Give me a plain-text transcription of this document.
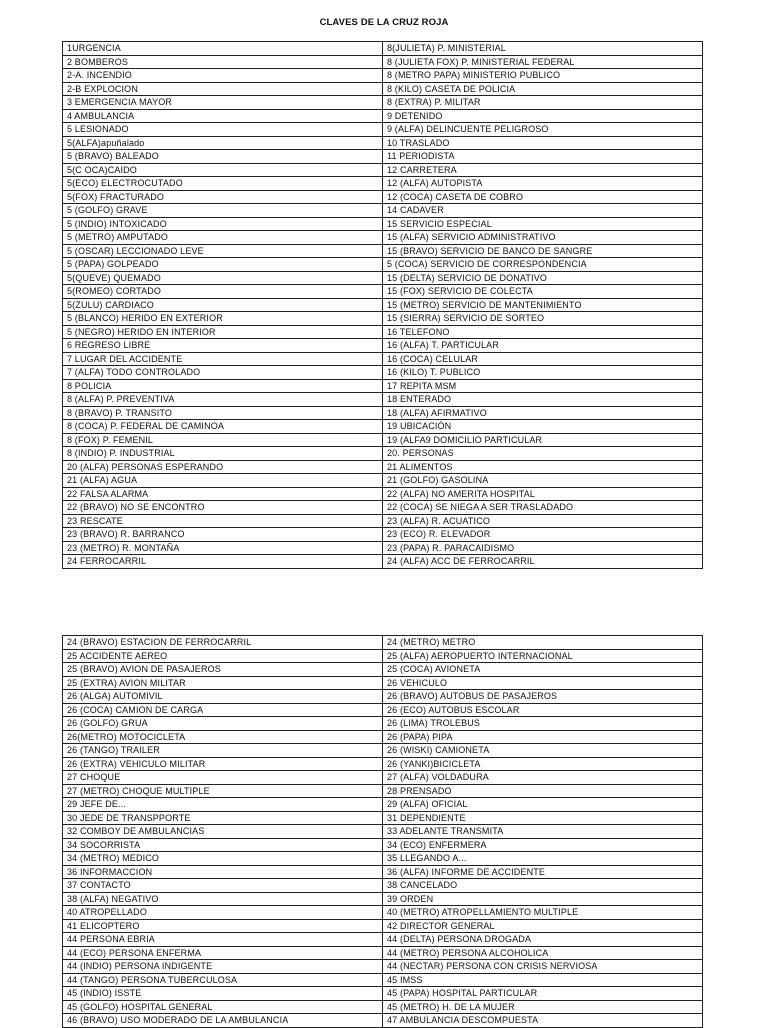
CLAVES DE LA CRUZ ROJA
1URGENCIA	8(JULIETA) P. MINISTERIAL
2 BOMBEROS	8 (JULIETA FOX) P. MINISTERIAL FEDERAL
2-A. INCENDIO	8 (METRO PAPA) MINISTERIO PUBLICO
2-B EXPLOCION	8 (KILO) CASETA DE POLICIA
3 EMERGENCIA MAYOR	8 (EXTRA) P. MILITAR
4 AMBULANCIA	9 DETENIDO
5 LESIONADO	9 (ALFA) DELINCUENTE PELIGROSO
5(ALFA)apuñalado	10 TRASLADO
5 (BRAVO) BALEADO	11 PERIODISTA
5(C OCA)CAIDO	12 CARRETERA
5(ECO) ELECTROCUTADO	12 (ALFA) AUTOPISTA
5(FOX) FRACTURADO	12 (COCA) CASETA DE COBRO
5 (GOLFO) GRAVE	14 CADAVER
5 (INDIO) INTOXICADO	15 SERVICIO ESPECIAL
5 (METRO) AMPUTADO	15 (ALFA) SERVICIO ADMINISTRATIVO
5 (OSCAR) LECCIONADO LEVE	15 (BRAVO) SERVICIO DE BANCO DE SANGRE
5 (PAPA) GOLPEADO	5 (COCA) SERVICIO DE CORRESPONDENCIA
5(QUEVE) QUEMADO	15 (DELTA) SERVICIO DE DONATIVO
5(ROMEO) CORTADO	15 (FOX) SERVICIO DE COLECTA
5(ZULU) CARDIACO	15 (METRO) SERVICIO DE MANTENIMIENTO
5 (BLANCO) HERIDO EN EXTERIOR	15 (SIERRA) SERVICIO DE SORTEO
5 (NEGRO) HERIDO EN INTERIOR	16 TELEFONO
6 REGRESO LIBRE	16 (ALFA) T. PARTICULAR
7 LUGAR DEL ACCIDENTE	16 (COCA) CELULAR
7 (ALFA) TODO CONTROLADO	16 (KILO) T. PUBLICO
8 POLICIA	17 REPITA MSM
8 (ALFA) P. PREVENTIVA	18 ENTERADO
8 (BRAVO) P. TRANSITO	18 (ALFA) AFIRMATIVO
8 (COCA) P. FEDERAL DE CAMINOA	19 UBICACIÓN
8 (FOX) P. FEMENIL	19 (ALFA9 DOMICILIO PARTICULAR
8 (INDIO) P. INDUSTRIAL	20. PERSONAS
20 (ALFA) PERSONAS ESPERANDO	21 ALIMENTOS
21 (ALFA) AGUA	21 (GOLFO) GASOLINA
22 FALSA ALARMA	22 (ALFA) NO AMERITA HOSPITAL
22 (BRAVO) NO SE ENCONTRO	22 (COCA) SE NIEGA A SER TRASLADADO
23 RESCATE	23 (ALFA) R. ACUATICO
23 (BRAVO) R. BARRANCO	23 (ECO) R. ELEVADOR
23 (METRO) R. MONTAÑA	23 (PAPA) R. PARACAIDISMO
24 FERROCARRIL	24 (ALFA) ACC DE FERROCARRIL
24 (BRAVO) ESTACION DE FERROCARRIL	24 (METRO) METRO
25 ACCIDENTE AEREO	25 (ALFA) AEROPUERTO INTERNACIONAL
25 (BRAVO) AVION DE PASAJEROS	25 (COCA) AVIONETA
25 (EXTRA) AVION MILITAR	26 VEHICULO
26 (ALGA) AUTOMIVIL	26 (BRAVO) AUTOBUS DE PASAJEROS
26 (COCA) CAMION DE CARGA	26 (ECO) AUTOBUS ESCOLAR
26 (GOLFO) GRUA	26 (LIMA) TROLEBUS
26(METRO) MOTOCICLETA	26 (PAPA) PIPA
26 (TANGO) TRAILER	26 (WISKI) CAMIONETA
26 (EXTRA) VEHICULO MILITAR	26 (YANKI)BICICLETA
27 CHOQUE	27 (ALFA) VOLDADURA
27 (METRO) CHOQUE MULTIPLE	28 PRENSADO
29 JEFE DE...	29 (ALFA) OFICIAL
30 JEDE DE TRANSPPORTE	31 DEPENDIENTE
32 COMBOY DE AMBULANCIAS	33 ADELANTE TRANSMITA
34 SOCORRISTA	34 (ECO) ENFERMERA
34 (METRO) MEDICO	35 LLEGANDO A...
36 INFORMACCION	36 (ALFA) INFORME DE ACCIDENTE
37 CONTACTO	38 CANCELADO
38 (ALFA) NEGATIVO	39 ORDEN
40 ATROPELLADO	40 (METRO) ATROPELLAMIENTO MULTIPLE
41 ELICOPTERO	42 DIRECTOR GENERAL
44 PERSONA EBRIA	44 (DELTA) PERSONA DROGADA
44 (ECO) PERSONA ENFERMA	44 (METRO) PERSONA ALCOHOLICA
44 (INDIO) PERSONA INDIGENTE	44 (NECTAR) PERSONA CON CRISIS NERVIOSA
44 (TANGO) PERSONA TUBERCULOSA	45 IMSS
45 (INDIO) ISSTE	45 (PAPA) HOSPITAL PARTICULAR
45 (GOLFO) HOSPITAL GENERAL	45 (METRO) H. DE LA MUJER
46 (BRAVO) USO MODERADO DE LA AMBULANCIA	47 AMBULANCIA DESCOMPUESTA
